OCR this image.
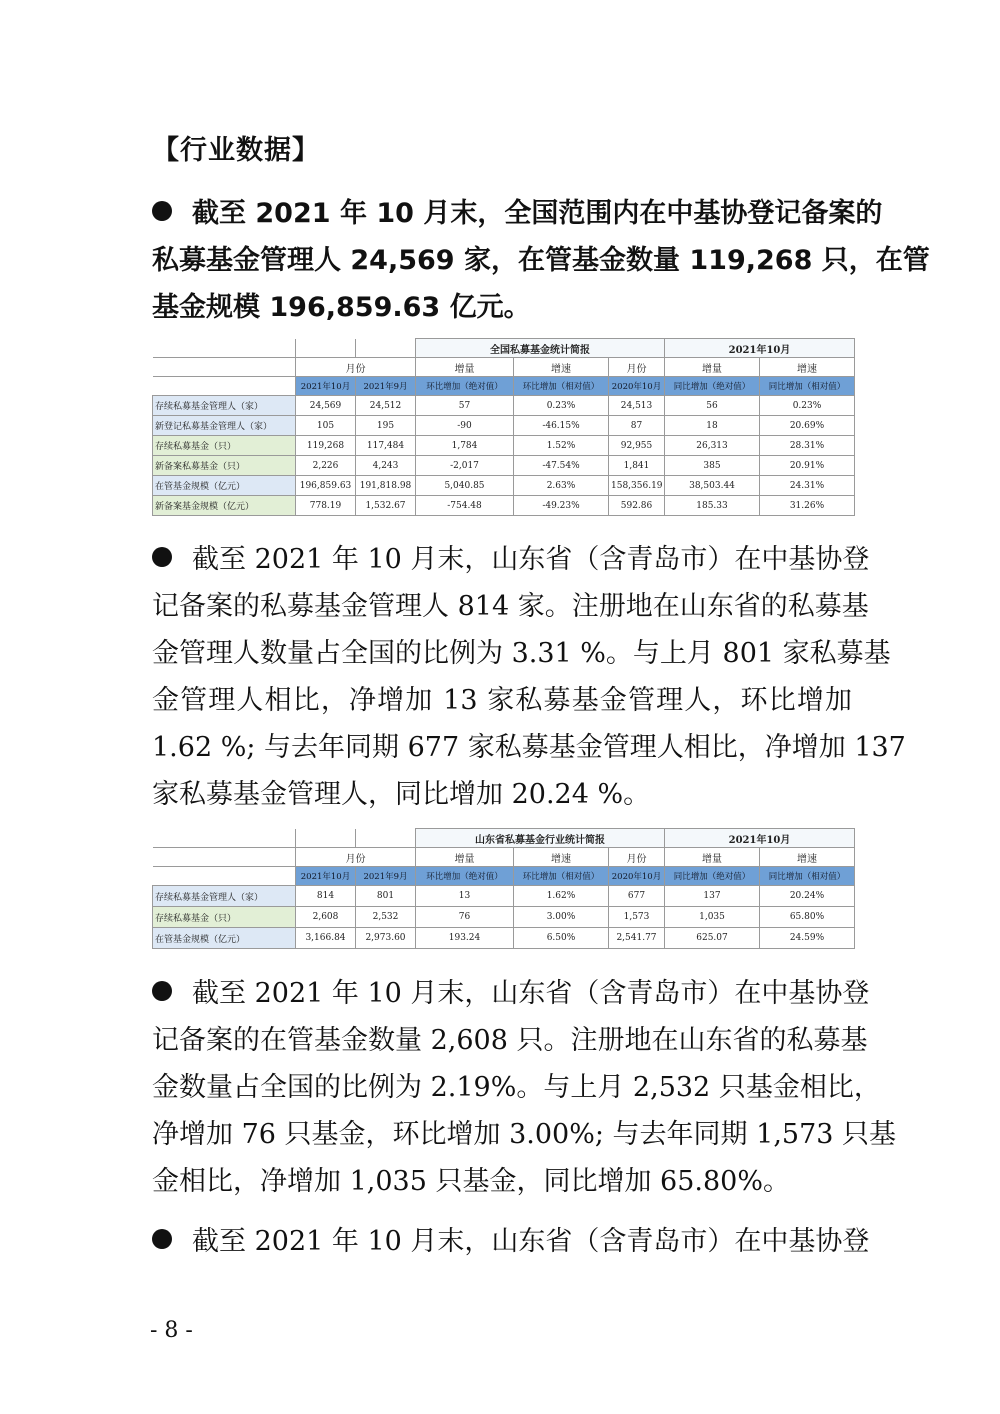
【行业数据】
截至 2021 年 10 月末，全国范围内在中基协登记备案的
私募基金管理人 24,569 家，在管基金数量 119,268 只，在管
基金规模 196,859.63 亿元。
			全国私募基金统计简报			2021年10月	
	月份		增量	增速	月份	增量	增速
	2021年10月	2021年9月	环比增加（绝对值）	环比增加（相对值）	2020年10月	同比增加（绝对值）	同比增加（相对值）
存续私募基金管理人（家）	24,569	24,512	57	0.23%	24,513	56	0.23%
新登记私募基金管理人（家）	105	195	-90	-46.15%	87	18	20.69%
存续私募基金（只）	119,268	117,484	1,784	1.52%	92,955	26,313	28.31%
新备案私募基金（只）	2,226	4,243	-2,017	-47.54%	1,841	385	20.91%
在管基金规模（亿元）	196,859.63	191,818.98	5,040.85	2.63%	158,356.19	38,503.44	24.31%
新备案基金规模（亿元）	778.19	1,532.67	-754.48	-49.23%	592.86	185.33	31.26%
截至 2021 年 10 月末，山东省（含青岛市）在中基协登
记备案的私募基金管理人 814 家。注册地在山东省的私募基
金管理人数量占全国的比例为 3.31 %。与上月 801 家私募基
金管理人相比，净增加 13 家私募基金管理人，环比增加
1.62 %; 与去年同期 677 家私募基金管理人相比，净增加 137
家私募基金管理人，同比增加 20.24 %。
			山东省私募基金行业统计简报			2021年10月	
	月份		增量	增速	月份	增量	增速
	2021年10月	2021年9月	环比增加（绝对值）	环比增加（相对值）	2020年10月	同比增加（绝对值）	同比增加（相对值）
存续私募基金管理人（家）	814	801	13	1.62%	677	137	20.24%
存续私募基金（只）	2,608	2,532	76	3.00%	1,573	1,035	65.80%
在管基金规模（亿元）	3,166.84	2,973.60	193.24	6.50%	2,541.77	625.07	24.59%
截至 2021 年 10 月末，山东省（含青岛市）在中基协登
记备案的在管基金数量 2,608 只。注册地在山东省的私募基
金数量占全国的比例为 2.19%。与上月 2,532 只基金相比，
净增加 76 只基金，环比增加 3.00%; 与去年同期 1,573 只基
金相比，净增加 1,035 只基金，同比增加 65.80%。
截至 2021 年 10 月末，山东省（含青岛市）在中基协登
- 8 -
